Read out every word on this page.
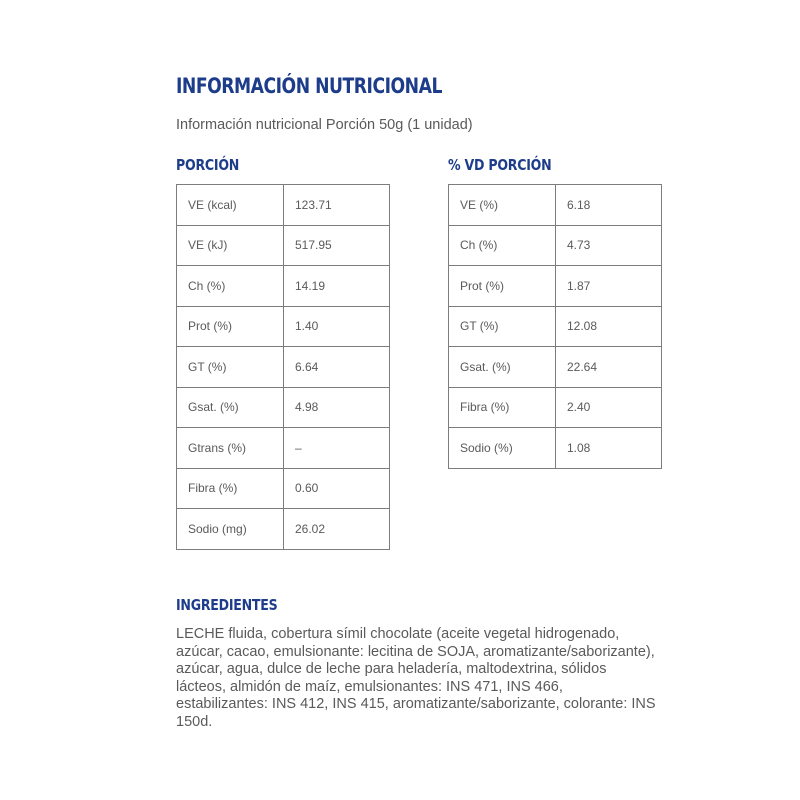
INFORMACIÓN NUTRICIONAL
Información nutricional Porción 50g (1 unidad)
PORCIÓN
VE (kcal)	123.71
VE (kJ)	517.95
Ch (%)	14.19
Prot (%)	1.40
GT (%)	6.64
Gsat. (%)	4.98
Gtrans (%)	–
Fibra (%)	0.60
Sodio (mg)	26.02
% VD PORCIÓN
VE (%)	6.18
Ch (%)	4.73
Prot (%)	1.87
GT (%)	12.08
Gsat. (%)	22.64
Fibra (%)	2.40
Sodio (%)	1.08
INGREDIENTES

LECHE fluida, cobertura símil chocolate (aceite vegetal hidrogenado, azúcar, cacao, emulsionante: lecitina de SOJA, aromatizante/saborizante), azúcar, agua, dulce de leche para heladería, maltodextrina, sólidos lácteos, almidón de maíz, emulsionantes: INS 471, INS 466, estabilizantes: INS 412, INS 415, aromatizante/saborizante, colorante: INS 150d.
